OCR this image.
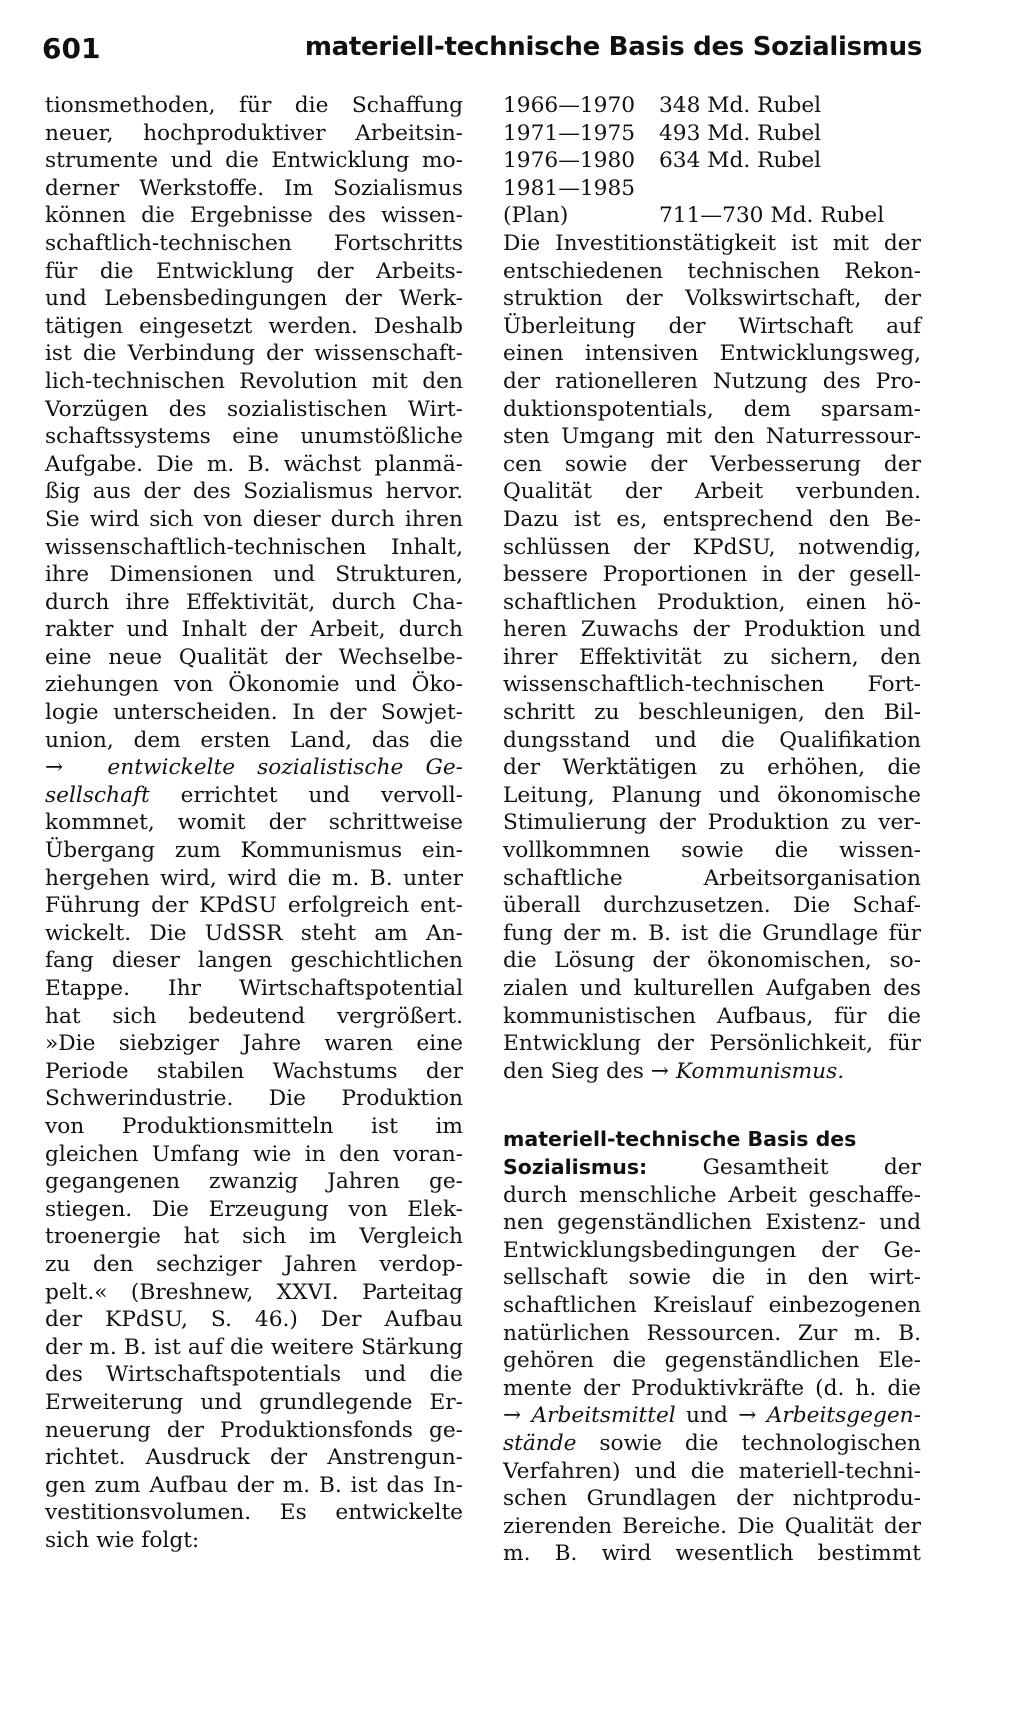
601	materiell-technische Basis des Sozialismus
tionsmethoden, für die Schaffung
neuer, hochproduktiver Arbeitsin-
strumente und die Entwicklung mo-
derner Werkstoffe. Im Sozialismus
können die Ergebnisse des wissen-
schaftlich-technischen Fortschritts
für die Entwicklung der Arbeits-
und Lebensbedingungen der Werk-
tätigen eingesetzt werden. Deshalb
ist die Verbindung der wissenschaft-
lich-technischen Revolution mit den
Vorzügen des sozialistischen Wirt-
schaftssystems eine unumstößliche
Aufgabe. Die m. B. wächst planmä-
ßig aus der des Sozialismus hervor.
Sie wird sich von dieser durch ihren
wissenschaftlich-technischen Inhalt,
ihre Dimensionen und Strukturen,
durch ihre Effektivität, durch Cha-
rakter und Inhalt der Arbeit, durch
eine neue Qualität der Wechselbe-
ziehungen von Ökonomie und Öko-
logie unterscheiden. In der Sowjet-
union, dem ersten Land, das die
→ entwickelte sozialistische Ge-
sellschaft errichtet und vervoll-
kommnet, womit der schrittweise
Übergang zum Kommunismus ein-
hergehen wird, wird die m. B. unter
Führung der KPdSU erfolgreich ent-
wickelt. Die UdSSR steht am An-
fang dieser langen geschichtlichen
Etappe. Ihr Wirtschaftspotential
hat sich bedeutend vergrößert.
»Die siebziger Jahre waren eine
Periode stabilen Wachstums der
Schwerindustrie. Die Produktion
von Produktionsmitteln ist im
gleichen Umfang wie in den voran-
gegangenen zwanzig Jahren ge-
stiegen. Die Erzeugung von Elek-
troenergie hat sich im Vergleich
zu den sechziger Jahren verdop-
pelt.« (Breshnew, XXVI. Parteitag
der KPdSU, S. 46.) Der Aufbau
der m. B. ist auf die weitere Stärkung
des Wirtschaftspotentials und die
Erweiterung und grundlegende Er-
neuerung der Produktionsfonds ge-
richtet. Ausdruck der Anstrengun-
gen zum Aufbau der m. B. ist das In-
vestitionsvolumen. Es entwickelte
sich wie folgt:
1966—1970 348 Md. Rubel
1971—1975 493 Md. Rubel
1976—1980 634 Md. Rubel
1981—1985
(Plan)	711—730 Md. Rubel
Die Investitionstätigkeit ist mit der
entschiedenen technischen Rekon-
struktion der Volkswirtschaft, der
Überleitung der Wirtschaft auf
einen intensiven Entwicklungsweg,
der rationelleren Nutzung des Pro-
duktionspotentials, dem sparsam-
sten Umgang mit den Naturressour-
cen sowie der Verbesserung der
Qualität der Arbeit verbunden.
Dazu ist es, entsprechend den Be-
schlüssen der KPdSU, notwendig,
bessere Proportionen in der gesell-
schaftlichen Produktion, einen hö-
heren Zuwachs der Produktion und
ihrer Effektivität zu sichern, den
wissenschaftlich-technischen Fort-
schritt zu beschleunigen, den Bil-
dungsstand und die Qualifikation
der Werktätigen zu erhöhen, die
Leitung, Planung und ökonomische
Stimulierung der Produktion zu ver-
vollkommnen sowie die wissen-
schaftliche Arbeitsorganisation
überall durchzusetzen. Die Schaf-
fung der m. B. ist die Grundlage für
die Lösung der ökonomischen, so-
zialen und kulturellen Aufgaben des
kommunistischen Aufbaus, für die
Entwicklung der Persönlichkeit, für
den Sieg des → Kommunismus.
materiell-technische Basis des
Sozialismus: Gesamtheit der
durch menschliche Arbeit geschaffe-
nen gegenständlichen Existenz- und
Entwicklungsbedingungen der Ge-
sellschaft sowie die in den wirt-
schaftlichen Kreislauf einbezogenen
natürlichen Ressourcen. Zur m. B.
gehören die gegenständlichen Ele-
mente der Produktivkräfte (d. h. die
→ Arbeitsmittel und → Arbeitsgegen-
stände sowie die technologischen
Verfahren) und die materiell-techni-
schen Grundlagen der nichtprodu-
zierenden Bereiche. Die Qualität der
m. B. wird wesentlich bestimmt
